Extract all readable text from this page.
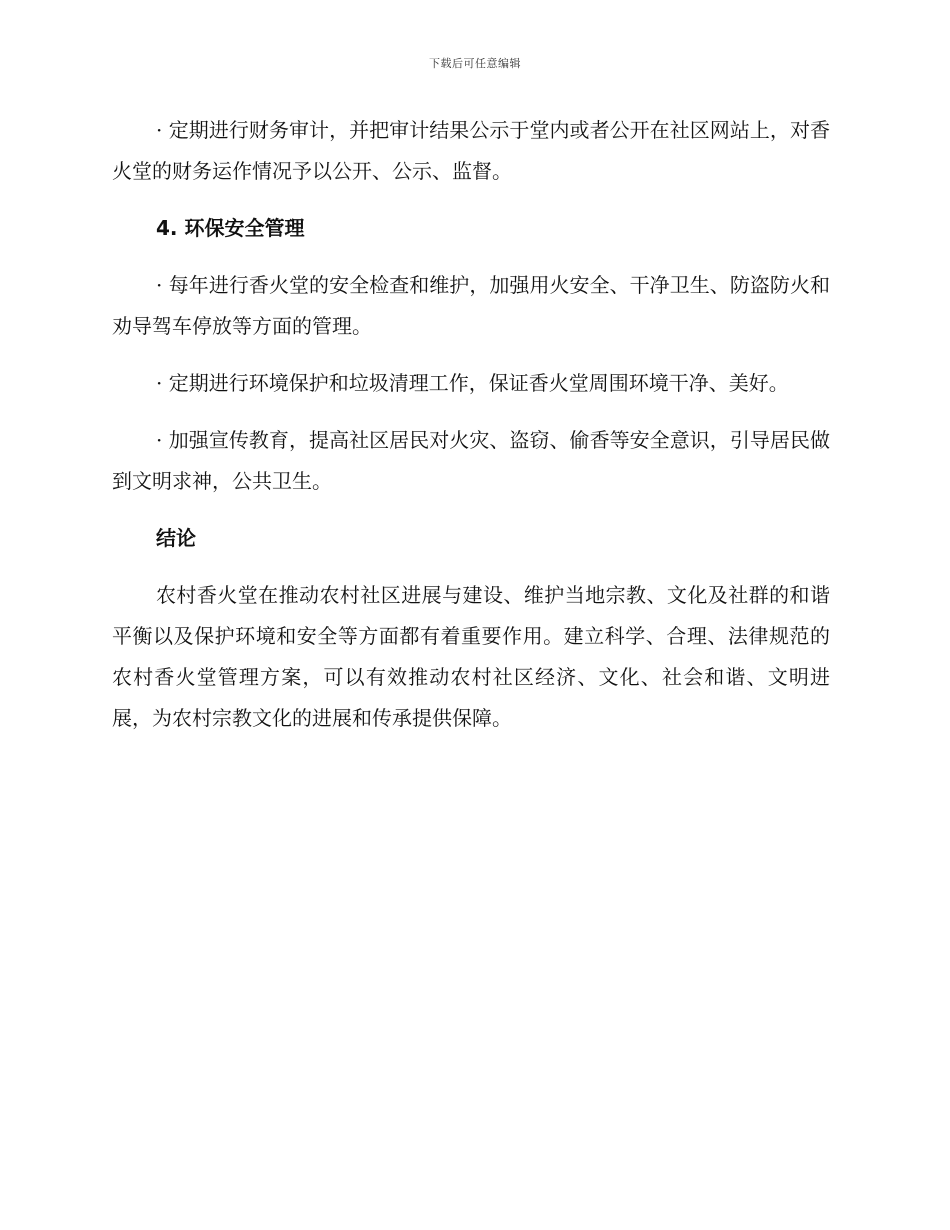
下载后可任意编辑

· 定期进行财务审计，并把审计结果公示于堂内或者公开在社区网站上，对香火堂的财务运作情况予以公开、公示、监督。

4. 环保安全管理

· 每年进行香火堂的安全检查和维护，加强用火安全、干净卫生、防盗防火和劝导驾车停放等方面的管理。

· 定期进行环境保护和垃圾清理工作，保证香火堂周围环境干净、美好。

· 加强宣传教育，提高社区居民对火灾、盗窃、偷香等安全意识，引导居民做到文明求神，公共卫生。

结论

农村香火堂在推动农村社区进展与建设、维护当地宗教、文化及社群的和谐平衡以及保护环境和安全等方面都有着重要作用。建立科学、合理、法律规范的农村香火堂管理方案，可以有效推动农村社区经济、文化、社会和谐、文明进展，为农村宗教文化的进展和传承提供保障。
